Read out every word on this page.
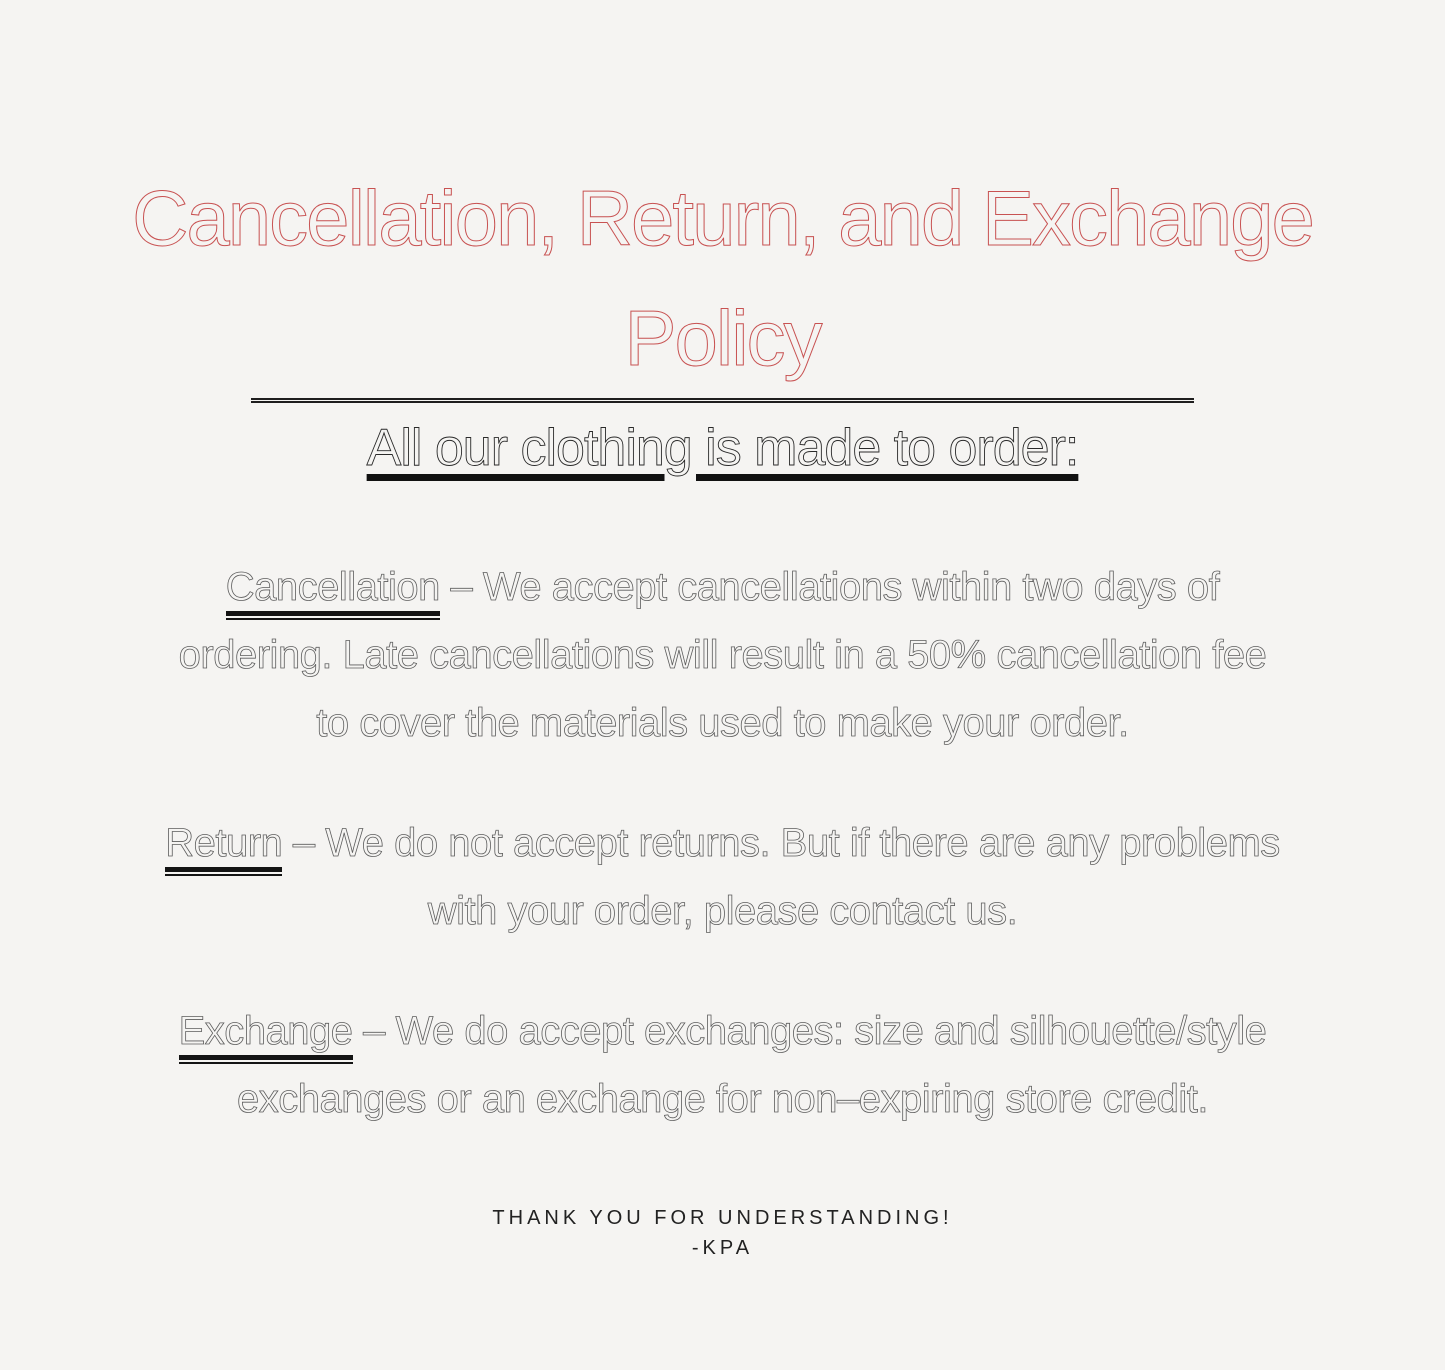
Cancellation, Return, and Exchange
Policy
All our clothing is made to order:

Cancellation – We accept cancellations within two days of

ordering. Late cancellations will result in a 50% cancellation fee

to cover the materials used to make your order.

Return – We do not accept returns. But if there are any problems

with your order, please contact us.

Exchange – We do accept exchanges: size and silhouette/style

exchanges or an exchange for non–expiring store credit.

THANK YOU FOR UNDERSTANDING!
-KPA
